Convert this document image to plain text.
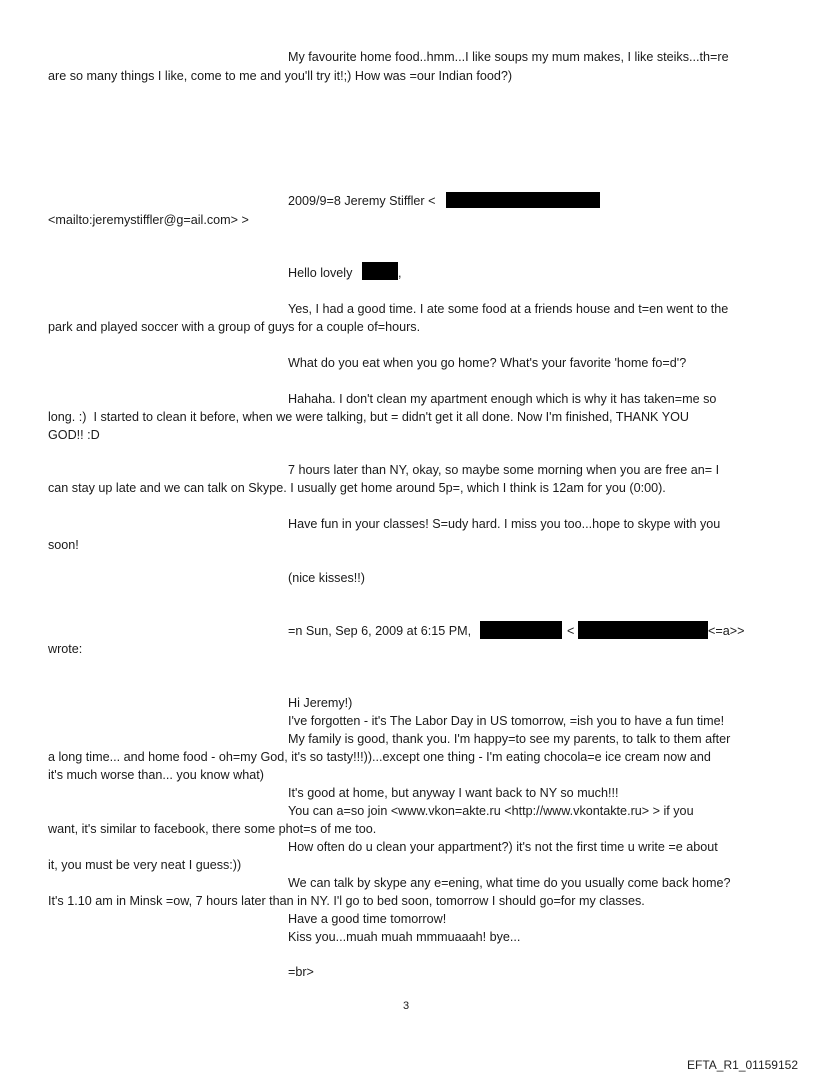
My favourite home food..hmm...I like soups my mum makes, I like steiks...th=re
are so many things I like, come to me and you'll try it!;) How was =our Indian food?)
2009/9=8 Jeremy Stiffler <
<mailto:jeremystiffler@g=ail.com> >
Hello lovely	,
Yes, I had a good time. I ate some food at a friends house and t=en went to the
park and played soccer with a group of guys for a couple of=hours.
What do you eat when you go home? What's your favorite 'home fo=d'?
Hahaha. I don't clean my apartment enough which is why it has taken=me so
long. :)  I started to clean it before, when we were talking, but = didn't get it all done. Now I'm finished, THANK YOU
GOD!! :D
7 hours later than NY, okay, so maybe some morning when you are free an= I
can stay up late and we can talk on Skype. I usually get home around 5p=, which I think is 12am for you (0:00).
Have fun in your classes! S=udy hard. I miss you too...hope to skype with you
soon!
(nice kisses!!)
=n Sun, Sep 6, 2009 at 6:15 PM,	<	<=a>>
wrote:
Hi Jeremy!)
I've forgotten - it's The Labor Day in US tomorrow, =ish you to have a fun time!
My family is good, thank you. I'm happy=to see my parents, to talk to them after
a long time... and home food - oh=my God, it's so tasty!!!))...except one thing - I'm eating chocola=e ice cream now and
it's much worse than... you know what)
It's good at home, but anyway I want back to NY so much!!!
You can a=so join <www.vkon=akte.ru <http://www.vkontakte.ru> > if you
want, it's similar to facebook, there some phot=s of me too.
How often do u clean your appartment?) it's not the first time u write =e about
it, you must be very neat I guess:))
We can talk by skype any e=ening, what time do you usually come back home?
It's 1.10 am in Minsk =ow, 7 hours later than in NY. I'l go to bed soon, tomorrow I should go=for my classes.
Have a good time tomorrow!
Kiss you...muah muah mmmuaaah! bye...
=br>
3
EFTA_R1_01159152
